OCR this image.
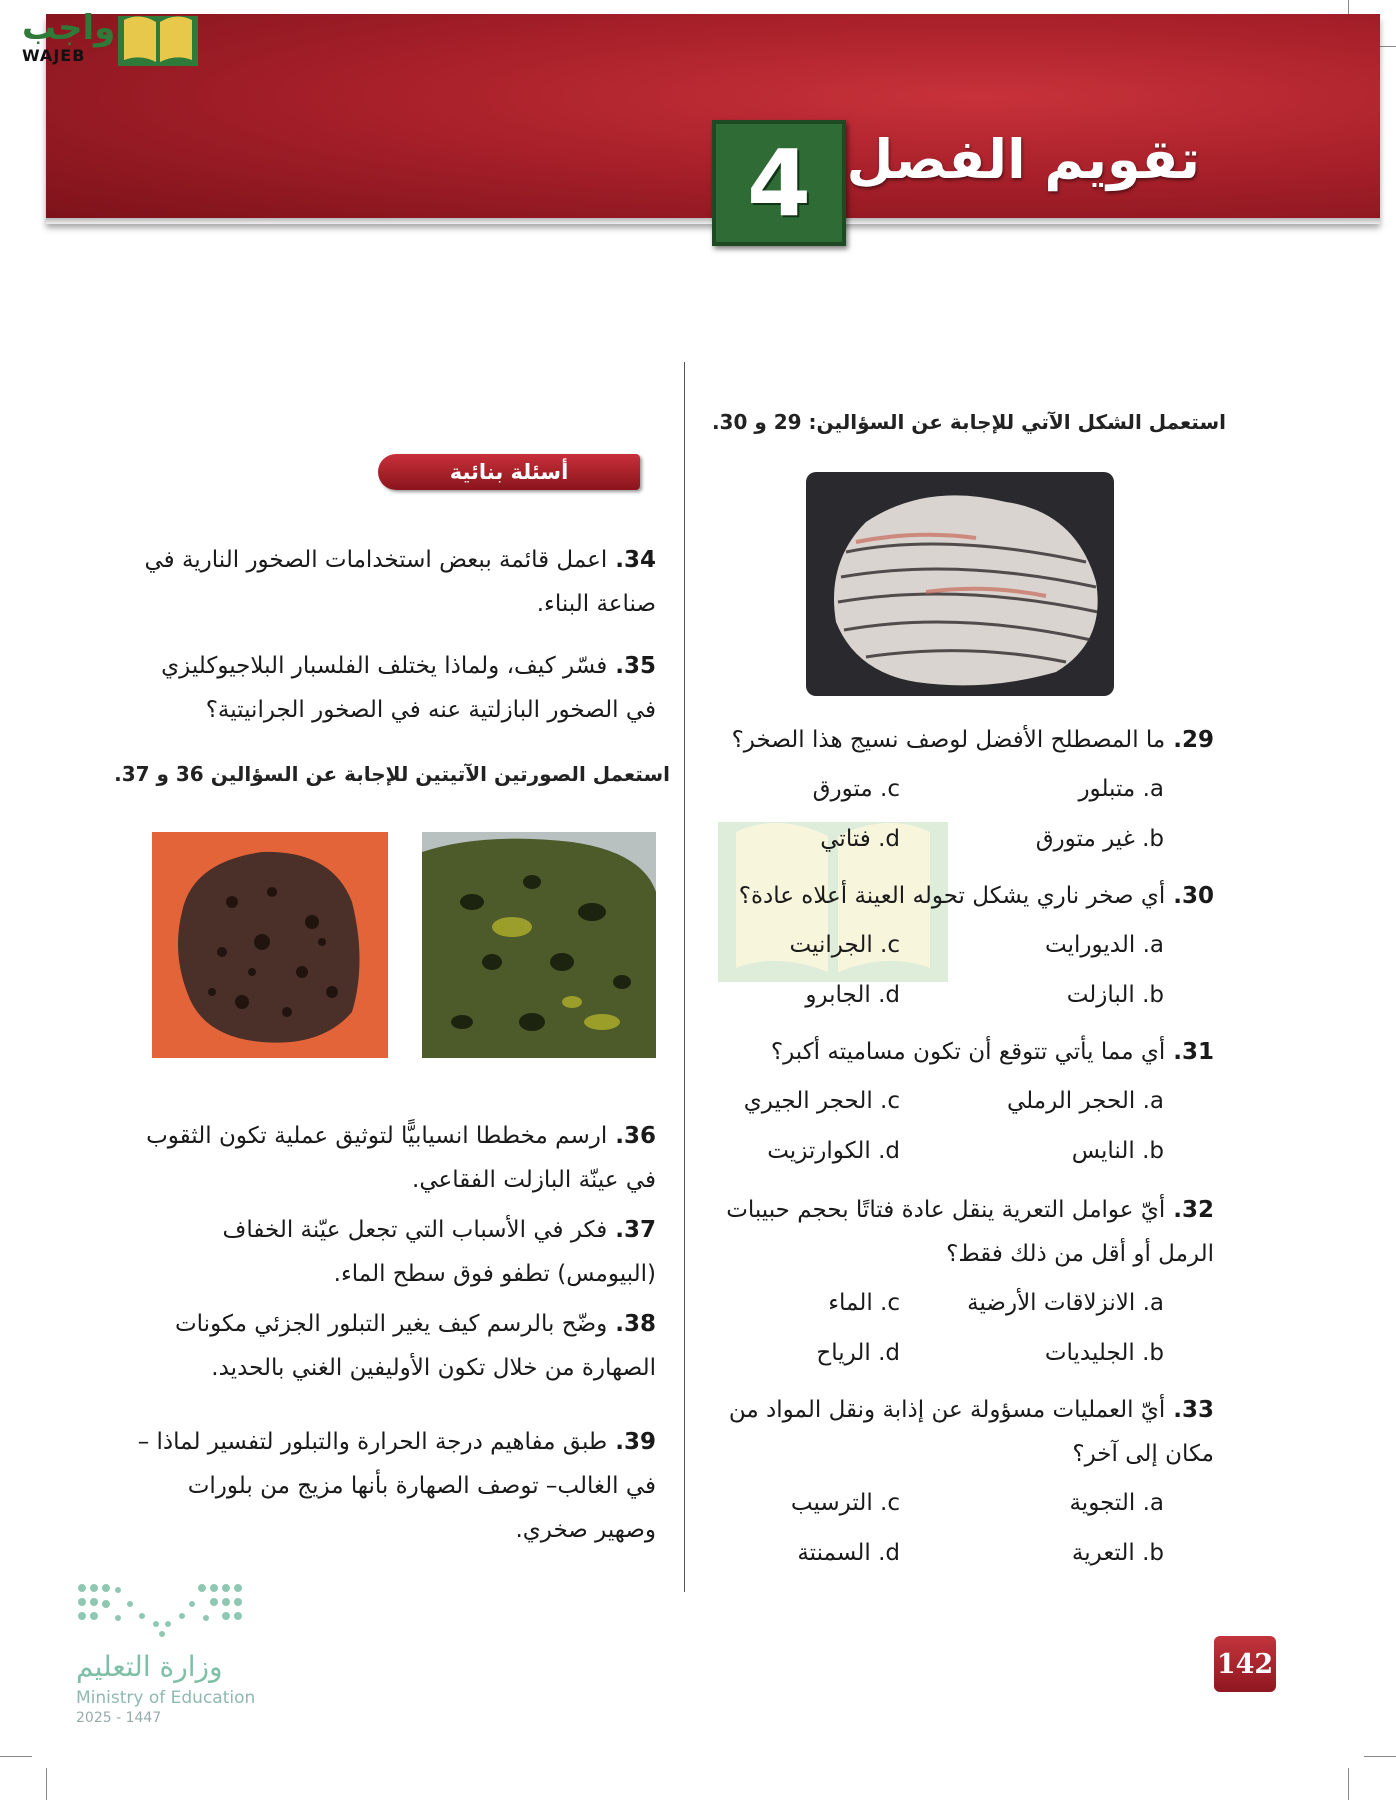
تقويم الفصل
4
واجب
WAJEB
استعمل الشكل الآتي للإجابة عن السؤالين: 29 و 30.
29.ما المصطلح الأفضل لوصف نسيج هذا الصخر؟
a. متبلور
c. متورق
b. غير متورق
d. فتاتي
30.أي صخر ناري يشكل تحوله العينة أعلاه عادة؟
a. الديورايت
c. الجرانيت
b. البازلت
d. الجابرو
31.أي مما يأتي تتوقع أن تكون مساميته أكبر؟
a. الحجر الرملي
c. الحجر الجيري
b. النايس
d. الكوارتزيت
32.أيّ عوامل التعرية ينقل عادة فتاتًا بحجم حبيبات الرمل أو أقل من ذلك فقط؟
a. الانزلاقات الأرضية
c. الماء
b. الجليديات
d. الرياح
33.أيّ العمليات مسؤولة عن إذابة ونقل المواد من مكان إلى آخر؟
a. التجوية
c. الترسيب
b. التعرية
d. السمنتة
أسئلة بنائية
34.اعمل قائمة ببعض استخدامات الصخور النارية في صناعة البناء.
35.فسّر كيف، ولماذا يختلف الفلسبار البلاجيوكليزي في الصخور البازلتية عنه في الصخور الجرانيتية؟
استعمل الصورتين الآتيتين للإجابة عن السؤالين 36 و 37.
36.ارسم مخططا انسيابيًّا لتوثيق عملية تكون الثقوب في عينّة البازلت الفقاعي.
37.فكر في الأسباب التي تجعل عيّنة الخفاف (البيومس) تطفو فوق سطح الماء.
38.وضّح بالرسم كيف يغير التبلور الجزئي مكونات الصهارة من خلال تكون الأوليفين الغني بالحديد.
39.طبق مفاهيم درجة الحرارة والتبلور لتفسير لماذا –في الغالب– توصف الصهارة بأنها مزيج من بلورات وصهير صخري.
وزارة التعليم
Ministry of Education
2025 - 1447
142
